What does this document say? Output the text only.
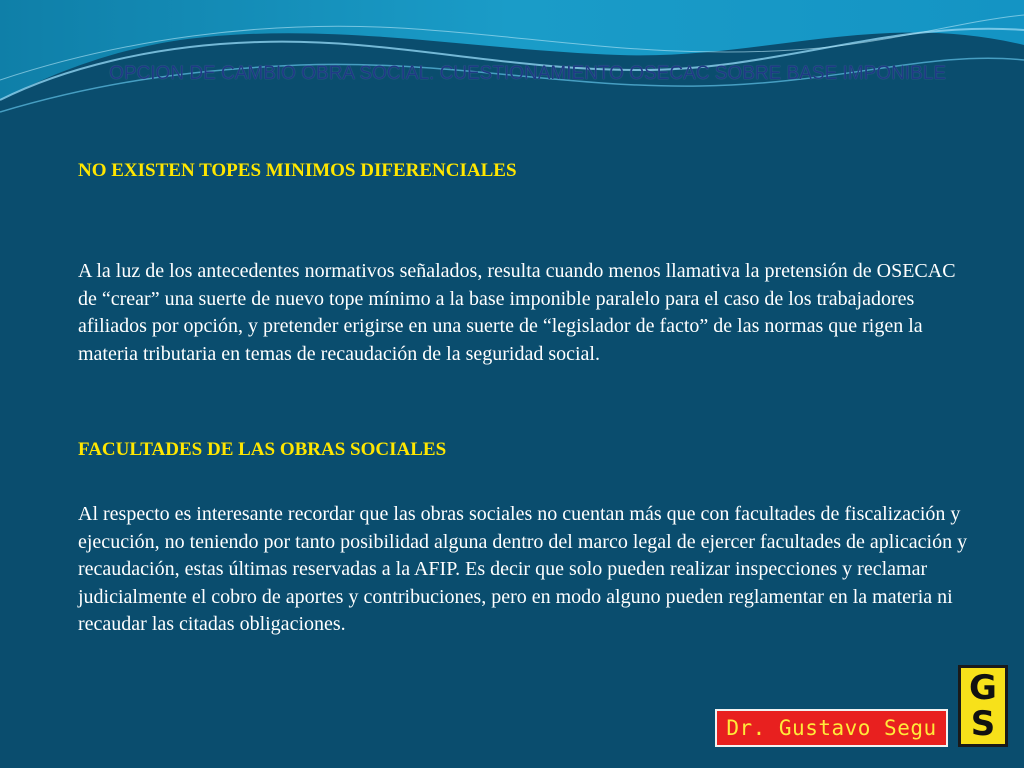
OPCION DE CAMBIO OBRA SOCIAL. CUESTIONAMIENTO OSECAC SOBRE BASE IMPONIBLE

NO EXISTEN TOPES MINIMOS DIFERENCIALES

A la luz de los antecedentes normativos señalados, resulta cuando menos llamativa la pretensión de OSECAC de “crear” una suerte de nuevo tope mínimo a la base imponible paralelo para el caso de los trabajadores afiliados por opción, y pretender erigirse en una suerte de “legislador de facto” de las normas que rigen la materia tributaria en temas de recaudación de la seguridad social.

FACULTADES DE LAS OBRAS SOCIALES

Al respecto es interesante recordar que las obras sociales no cuentan más que con facultades de fiscalización y ejecución, no teniendo por tanto posibilidad alguna dentro del marco legal de ejercer facultades de aplicación y recaudación, estas últimas reservadas a la AFIP. Es decir que solo pueden realizar inspecciones y reclamar judicialmente el cobro de aportes y contribuciones, pero en modo alguno pueden reglamentar en la materia ni recaudar las citadas obligaciones.

Dr. Gustavo Segu
G
S
